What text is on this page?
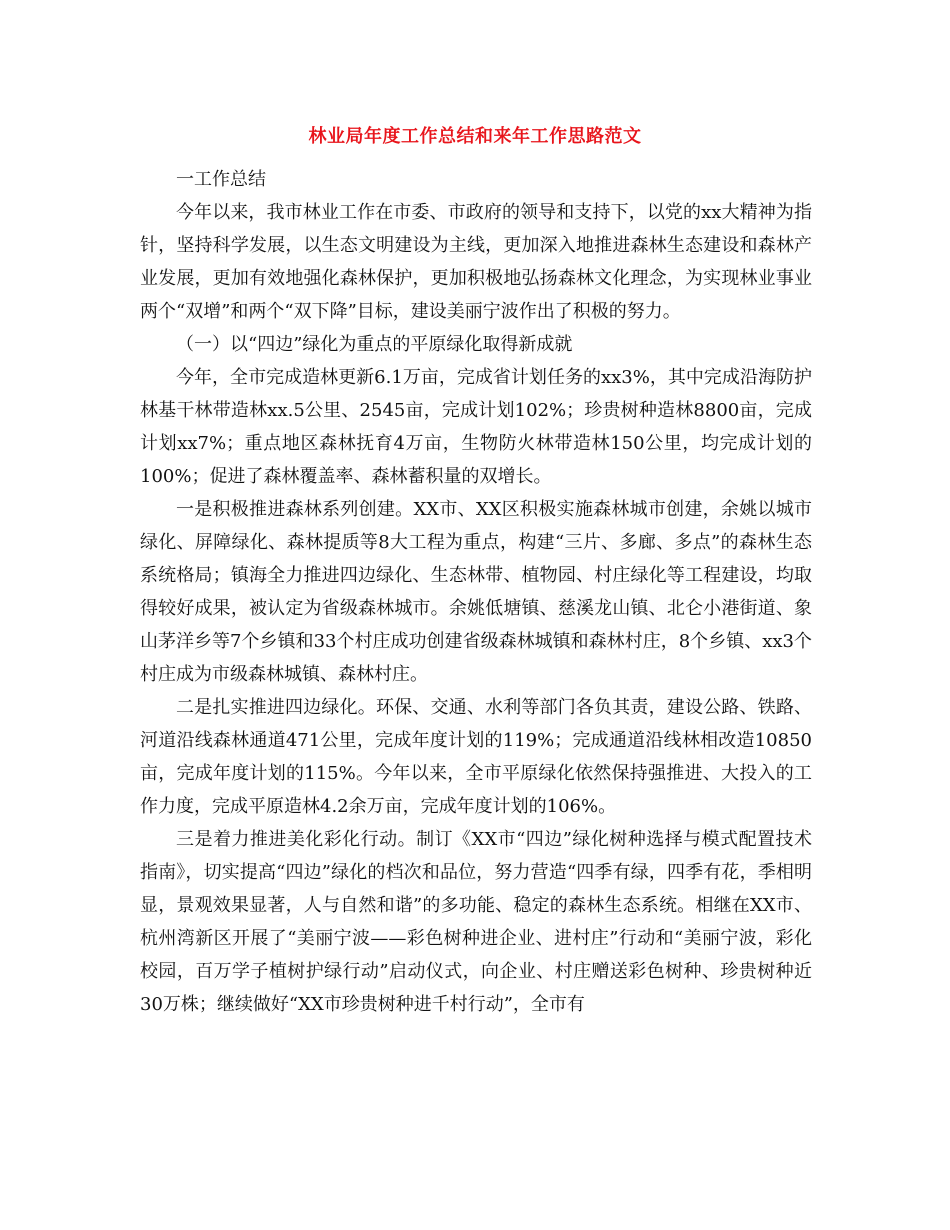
林业局年度工作总结和来年工作思路范文

一工作总结

今年以来，我市林业工作在市委、市政府的领导和支持下，以党的xx大精神为指针，坚持科学发展，以生态文明建设为主线，更加深入地推进森林生态建设和森林产业发展，更加有效地强化森林保护，更加积极地弘扬森林文化理念，为实现林业事业两个“双增”和两个“双下降”目标，建设美丽宁波作出了积极的努力。

（一）以“四边”绿化为重点的平原绿化取得新成就

今年，全市完成造林更新6.1万亩，完成省计划任务的xx3%，其中完成沿海防护林基干林带造林xx.5公里、2545亩，完成计划102%；珍贵树种造林8800亩，完成计划xx7%；重点地区森林抚育4万亩，生物防火林带造林150公里，均完成计划的100%；促进了森林覆盖率、森林蓄积量的双增长。

一是积极推进森林系列创建。XX市、XX区积极实施森林城市创建，余姚以城市绿化、屏障绿化、森林提质等8大工程为重点，构建“三片、多廊、多点”的森林生态系统格局；镇海全力推进四边绿化、生态林带、植物园、村庄绿化等工程建设，均取得较好成果，被认定为省级森林城市。余姚低塘镇、慈溪龙山镇、北仑小港街道、象山茅洋乡等7个乡镇和33个村庄成功创建省级森林城镇和森林村庄，8个乡镇、xx3个村庄成为市级森林城镇、森林村庄。

二是扎实推进四边绿化。环保、交通、水利等部门各负其责，建设公路、铁路、河道沿线森林通道471公里，完成年度计划的119%；完成通道沿线林相改造10850亩，完成年度计划的115%。今年以来，全市平原绿化依然保持强推进、大投入的工作力度，完成平原造林4.2余万亩，完成年度计划的106%。

三是着力推进美化彩化行动。制订《XX市“四边”绿化树种选择与模式配置技术指南》，切实提高“四边”绿化的档次和品位，努力营造“四季有绿，四季有花，季相明显，景观效果显著，人与自然和谐”的多功能、稳定的森林生态系统。相继在XX市、杭州湾新区开展了“美丽宁波——彩色树种进企业、进村庄”行动和“美丽宁波，彩化校园，百万学子植树护绿行动”启动仪式，向企业、村庄赠送彩色树种、珍贵树种近30万株；继续做好“XX市珍贵树种进千村行动”，全市有
